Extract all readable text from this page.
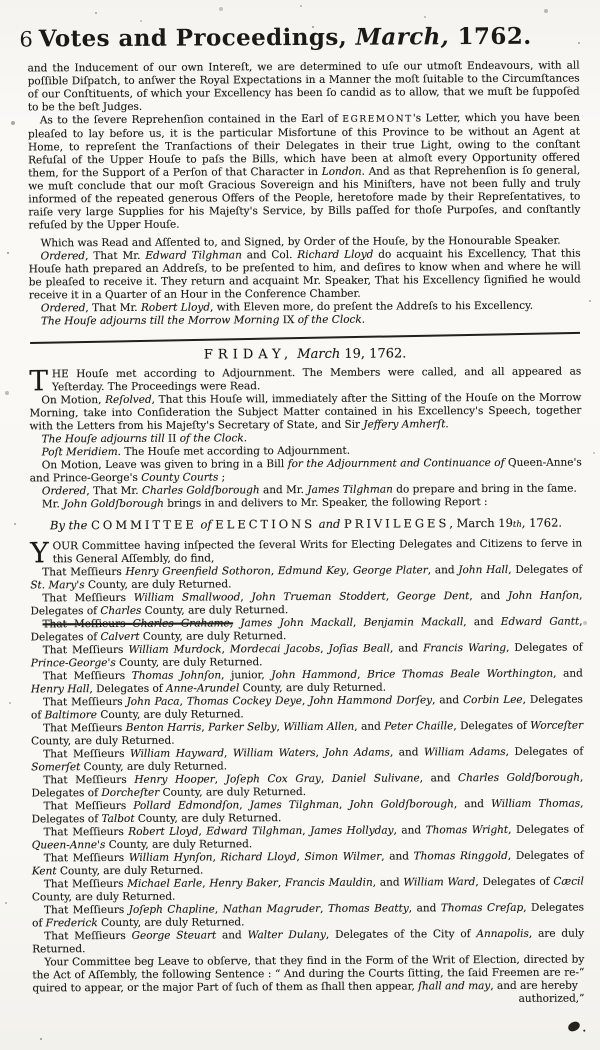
6 Votes and Proceedings, March, 1762.

and the Inducement of our own Intereſt, we are determined to uſe our utmoſt Endeavours, with all poſſible Diſpatch, to anſwer the Royal Expectations in a Manner the moſt ſuitable to the Circumſtances of our Conſtituents, of which your Excellency has been ſo candid as to allow, that we muſt be ſuppoſed to be the beſt Judges.

As to the ſevere Reprehenſion contained in the Earl of EGREMONT's Letter, which you have been pleaſed to lay before us, it is the particular Misfortune of this Province to be without an Agent at Home, to repreſent the Tranſactions of their Delegates in their true Light, owing to the conſtant Refuſal of the Upper Houſe to paſs the Bills, which have been at almoſt every Opportunity offered them, for the Support of a Perſon of that Character in London. And as that Reprehenſion is ſo general, we muſt conclude that our moſt Gracious Sovereign and his Miniſters, have not been fully and truly informed of the repeated generous Offers of the People, heretofore made by their Repreſentatives, to raiſe very large Supplies for his Majeſty's Service, by Bills paſſed for thoſe Purpoſes, and conſtantly refuſed by the Upper Houſe.

Which was Read and Aſſented to, and Signed, by Order of the Houſe, by the Honourable Speaker.

Ordered, That Mr. Edward Tilghman and Col. Richard Lloyd do acquaint his Excellency, That this Houſe hath prepared an Addreſs, to be preſented to him, and deſires to know when and where he will be pleaſed to receive it. They return and acquaint Mr. Speaker, That his Excellency ſignified he would receive it in a Quarter of an Hour in the Conference Chamber.

Ordered, That Mr. Robert Lloyd, with Eleven more, do preſent the Addreſs to his Excellency.

The Houſe adjourns till the Morrow Morning IX of the Clock.

FRIDAY, March 19, 1762.

THE Houſe met according to Adjournment. The Members were called, and all appeared as Yeſterday. The Proceedings were Read.

On Motion, Reſolved, That this Houſe will, immediately after the Sitting of the Houſe on the Morrow Morning, take into Conſideration the Subject Matter contained in his Excellency's Speech, together with the Letters from his Majeſty's Secretary of State, and Sir Jeffery Amherſt.

The Houſe adjourns till II of the Clock.

Poſt Meridiem. The Houſe met according to Adjournment.

On Motion, Leave was given to bring in a Bill for the Adjournment and Continuance of Queen-Anne's and Prince-George's County Courts ;

Ordered, That Mr. Charles Goldſborough and Mr. James Tilghman do prepare and bring in the ſame.

Mr. John Goldſborough brings in and delivers to Mr. Speaker, the following Report :

By the COMMITTEE of ELECTIONS and PRIVILEGES, March 19th, 1762.

YOUR Committee having inſpected the ſeveral Writs for Electing Delegates and Citizens to ſerve in this General Aſſembly, do find,

That Meſſieurs Henry Greenfield Sothoron, Edmund Key, George Plater, and John Hall, Delegates of St. Mary's County, are duly Returned.

That Meſſieurs William Smallwood, John Trueman Stoddert, George Dent, and John Hanſon, Delegates of Charles County, are duly Returned.

That Meſſieurs Charles Grahame, James John Mackall, Benjamin Mackall, and Edward Gantt, Delegates of Calvert County, are duly Returned.

That Meſſieurs William Murdock, Mordecai Jacobs, Joſias Beall, and Francis Waring, Delegates of Prince-George's County, are duly Returned.

That Meſſieurs Thomas Johnſon, junior, John Hammond, Brice Thomas Beale Worthington, and Henry Hall, Delegates of Anne-Arundel County, are duly Returned.

That Meſſieurs John Paca, Thomas Cockey Deye, John Hammond Dorſey, and Corbin Lee, Delegates of Baltimore County, are duly Returned.

That Meſſieurs Benton Harris, Parker Selby, William Allen, and Peter Chaille, Delegates of Worceſter County, are duly Returned.

That Meſſieurs William Hayward, William Waters, John Adams, and William Adams, Delegates of Somerſet County, are duly Returned.

That Meſſieurs Henry Hooper, Joſeph Cox Gray, Daniel Sulivane, and Charles Goldſborough, Delegates of Dorcheſter County, are duly Returned.

That Meſſieurs Pollard Edmondſon, James Tilghman, John Goldſborough, and William Thomas, Delegates of Talbot County, are duly Returned.

That Meſſieurs Robert Lloyd, Edward Tilghman, James Hollyday, and Thomas Wright, Delegates of Queen-Anne's County, are duly Returned.

That Meſſieurs William Hynſon, Richard Lloyd, Simon Wilmer, and Thomas Ringgold, Delegates of Kent County, are duly Returned.

That Meſſieurs Michael Earle, Henry Baker, Francis Mauldin, and William Ward, Delegates of Cæcil County, are duly Returned.

That Meſſieurs Joſeph Chapline, Nathan Magruder, Thomas Beatty, and Thomas Creſap, Delegates of Frederick County, are duly Returned.

That Meſſieurs George Steuart and Walter Dulany, Delegates of the City of Annapolis, are duly Returned.

Your Committee beg Leave to obſerve, that they find in the Form of the Writ of Election, directed by the Act of Aſſembly, the following Sentence : “ And during the Courts ſitting, the ſaid Freemen are re-“ quired to appear, or the major Part of ſuch of them as ſhall then appear, ſhall and may, and are hereby

authorized,”
